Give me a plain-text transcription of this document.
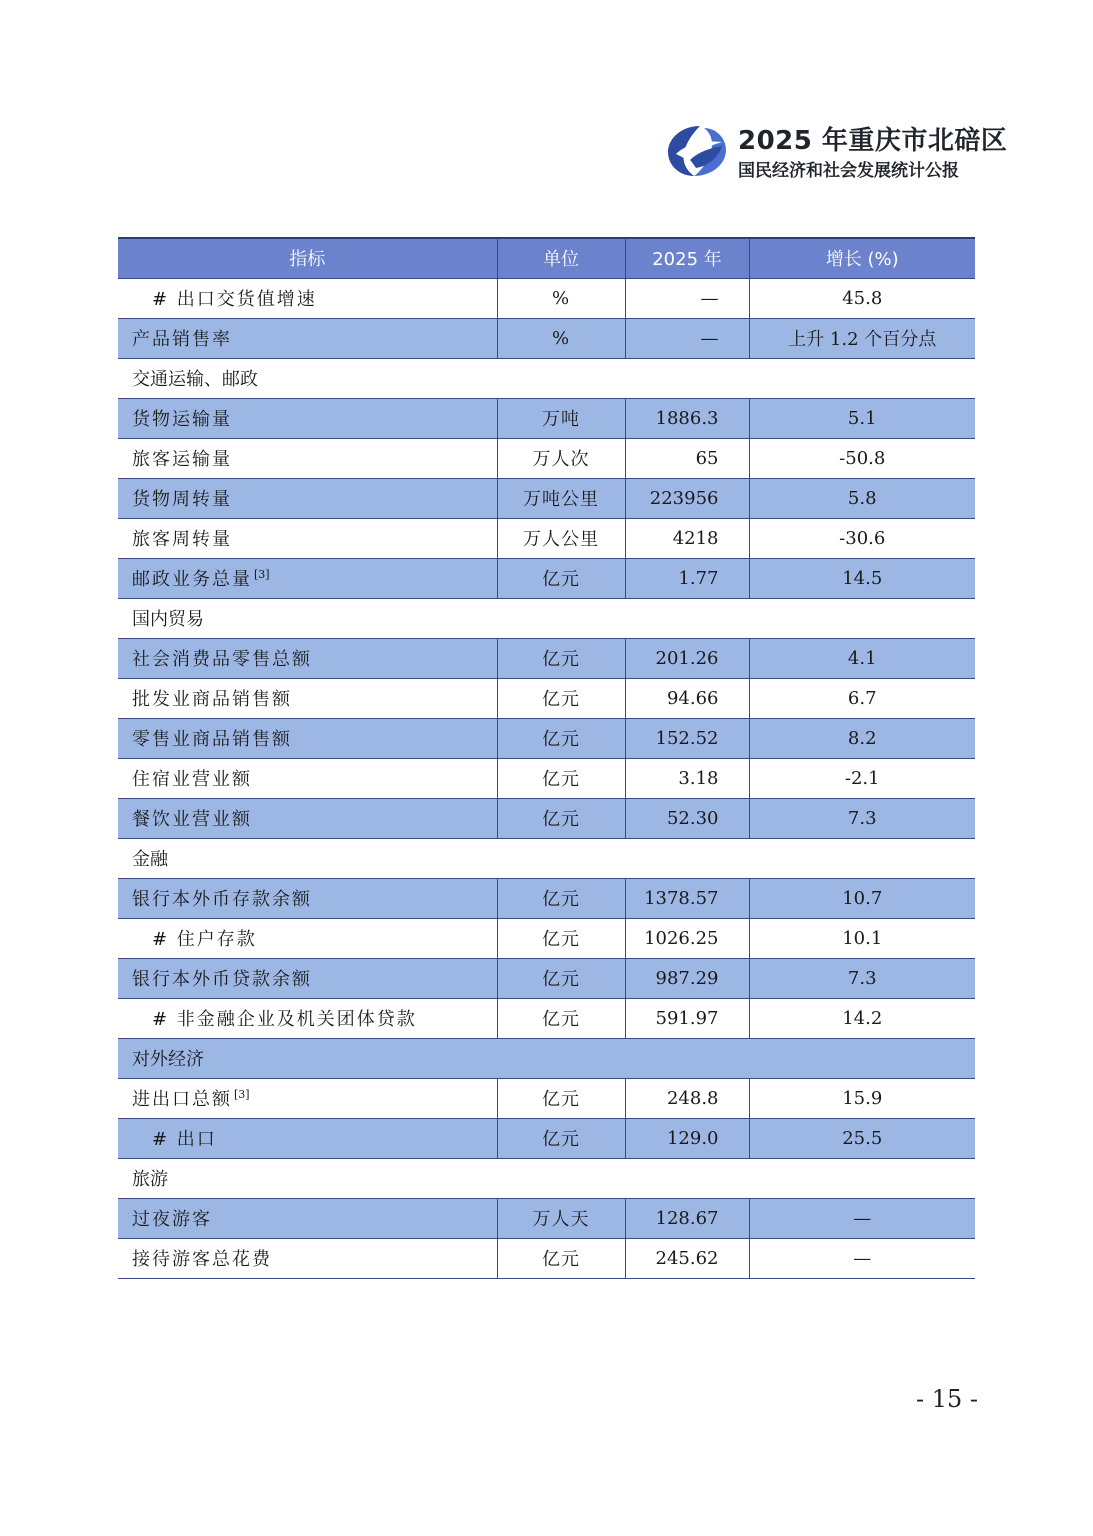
2025 年重庆市北碚区
国民经济和社会发展统计公报
指标	单位	2025 年	增长 (%)
# 出口交货值增速	%	—	45.8
产品销售率	%	—	上升 1.2 个百分点
交通运输、邮政			
货物运输量	万吨	1886.3	5.1
旅客运输量	万人次	65	-50.8
货物周转量	万吨公里	223956	5.8
旅客周转量	万人公里	4218	-30.6
邮政业务总量 [3]	亿元	1.77	14.5
国内贸易			
社会消费品零售总额	亿元	201.26	4.1
批发业商品销售额	亿元	94.66	6.7
零售业商品销售额	亿元	152.52	8.2
住宿业营业额	亿元	3.18	-2.1
餐饮业营业额	亿元	52.30	7.3
金融			
银行本外币存款余额	亿元	1378.57	10.7
# 住户存款	亿元	1026.25	10.1
银行本外币贷款余额	亿元	987.29	7.3
# 非金融企业及机关团体贷款	亿元	591.97	14.2
对外经济			
进出口总额 [3]	亿元	248.8	15.9
# 出口	亿元	129.0	25.5
旅游			
过夜游客	万人天	128.67	—
接待游客总花费	亿元	245.62	—
- 15 -
